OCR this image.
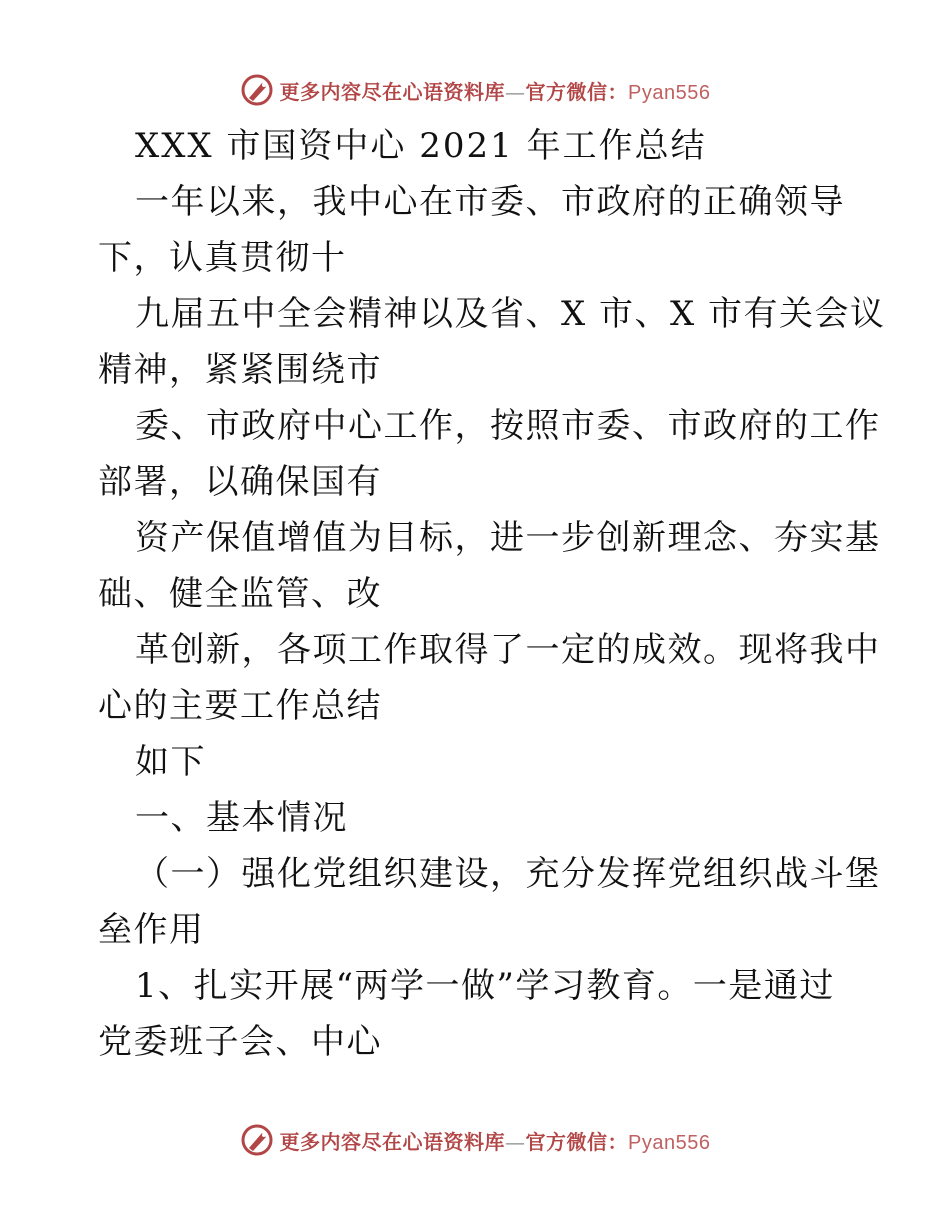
更多内容尽在心语资料库—官方微信：Pyan556
XXX 市国资中心 2021 年工作总结
一年以来，我中心在市委、市政府的正确领导
下，认真贯彻十
九届五中全会精神以及省、X 市、X 市有关会议
精神，紧紧围绕市
委、市政府中心工作，按照市委、市政府的工作
部署，以确保国有
资产保值增值为目标，进一步创新理念、夯实基
础、健全监管、改
革创新，各项工作取得了一定的成效。现将我中
心的主要工作总结
如下
一、基本情况
（一）强化党组织建设，充分发挥党组织战斗堡
垒作用
1、扎实开展“两学一做”学习教育。一是通过
党委班子会、中心
更多内容尽在心语资料库—官方微信：Pyan556
